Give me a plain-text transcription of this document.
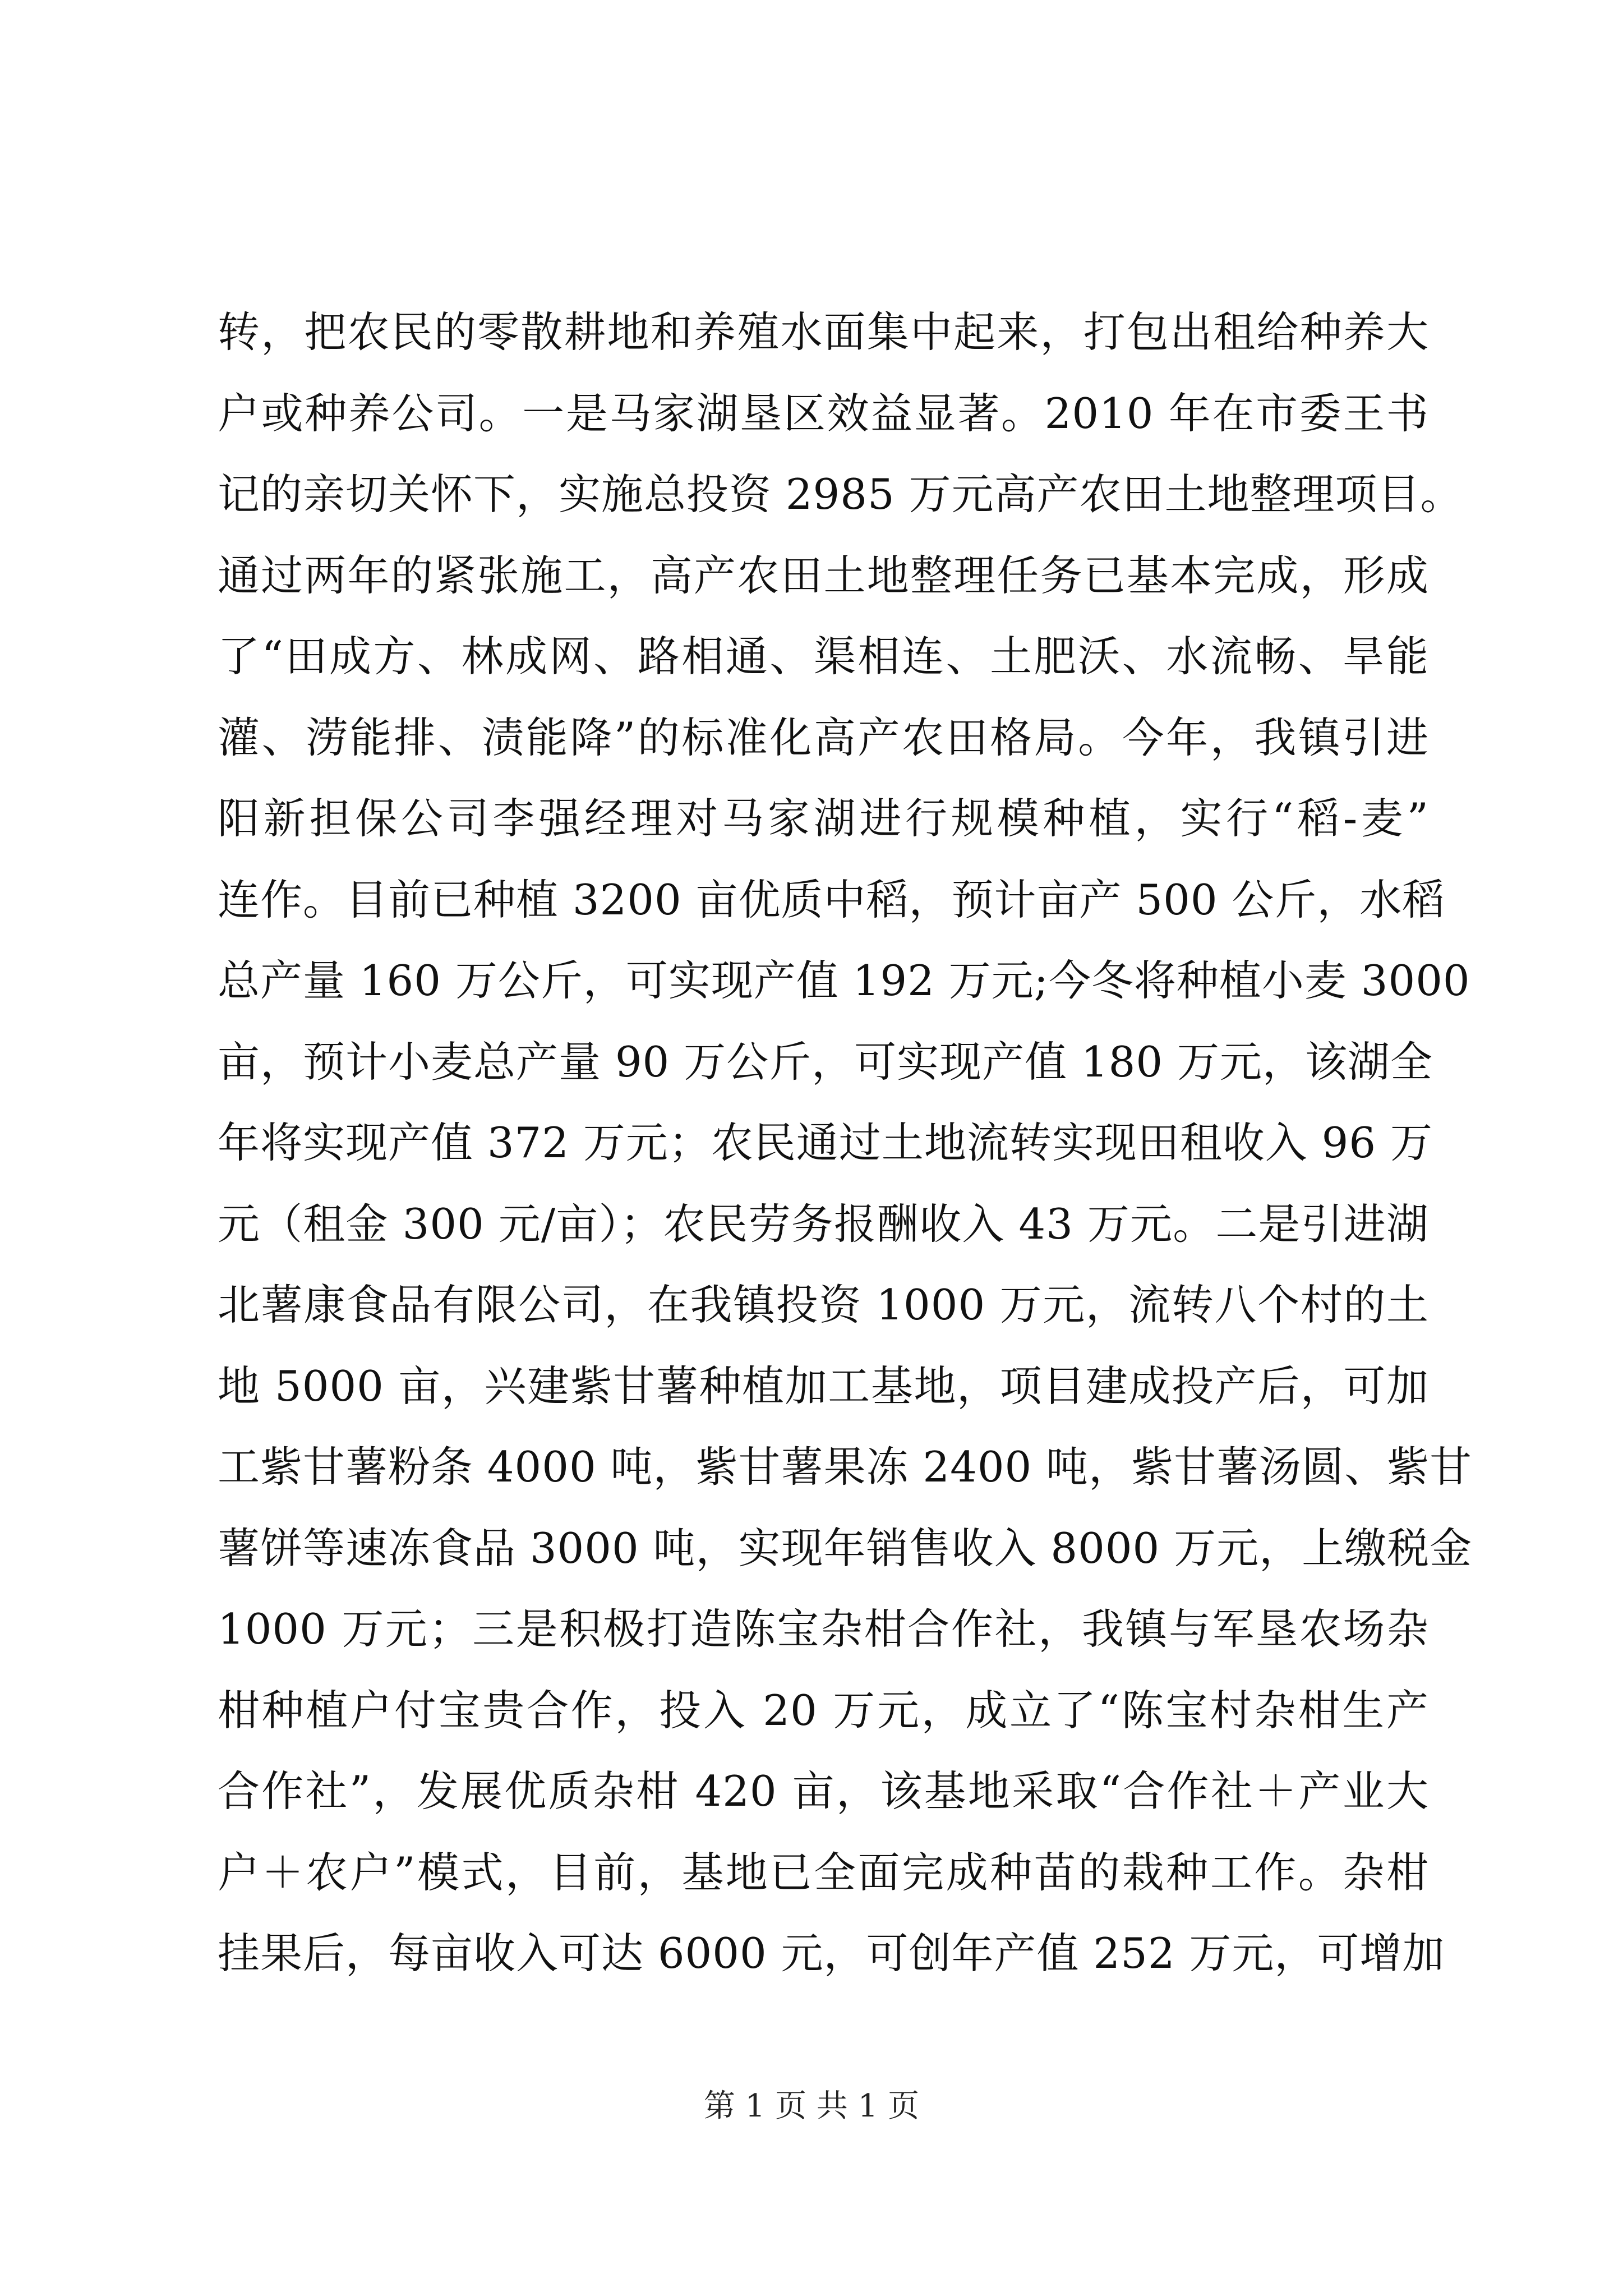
转，把农民的零散耕地和养殖水面集中起来，打包出租给种养大
户或种养公司。一是马家湖垦区效益显著。2010 年在市委王书
记的亲切关怀下，实施总投资 2985 万元高产农田土地整理项目。
通过两年的紧张施工，高产农田土地整理任务已基本完成，形成
了“田成方、林成网、路相通、渠相连、土肥沃、水流畅、旱能
灌、涝能排、渍能降”的标准化高产农田格局。今年，我镇引进
阳新担保公司李强经理对马家湖进行规模种植，实行“稻-麦”
连作。目前已种植 3200 亩优质中稻，预计亩产 500 公斤，水稻
总产量 160 万公斤，可实现产值 192 万元;今冬将种植小麦 3000
亩，预计小麦总产量 90 万公斤，可实现产值 180 万元，该湖全
年将实现产值 372 万元；农民通过土地流转实现田租收入 96 万
元（租金 300 元/亩）；农民劳务报酬收入 43 万元。二是引进湖
北薯康食品有限公司，在我镇投资 1000 万元，流转八个村的土
地 5000 亩，兴建紫甘薯种植加工基地，项目建成投产后，可加
工紫甘薯粉条 4000 吨，紫甘薯果冻 2400 吨，紫甘薯汤圆、紫甘
薯饼等速冻食品 3000 吨，实现年销售收入 8000 万元，上缴税金
1000 万元；三是积极打造陈宝杂柑合作社，我镇与军垦农场杂
柑种植户付宝贵合作，投入 20 万元，成立了“陈宝村杂柑生产
合作社”，发展优质杂柑 420 亩，该基地采取“合作社＋产业大
户＋农户”模式，目前，基地已全面完成种苗的栽种工作。杂柑
挂果后，每亩收入可达 6000 元，可创年产值 252 万元，可增加
第 1 页 共 1 页
